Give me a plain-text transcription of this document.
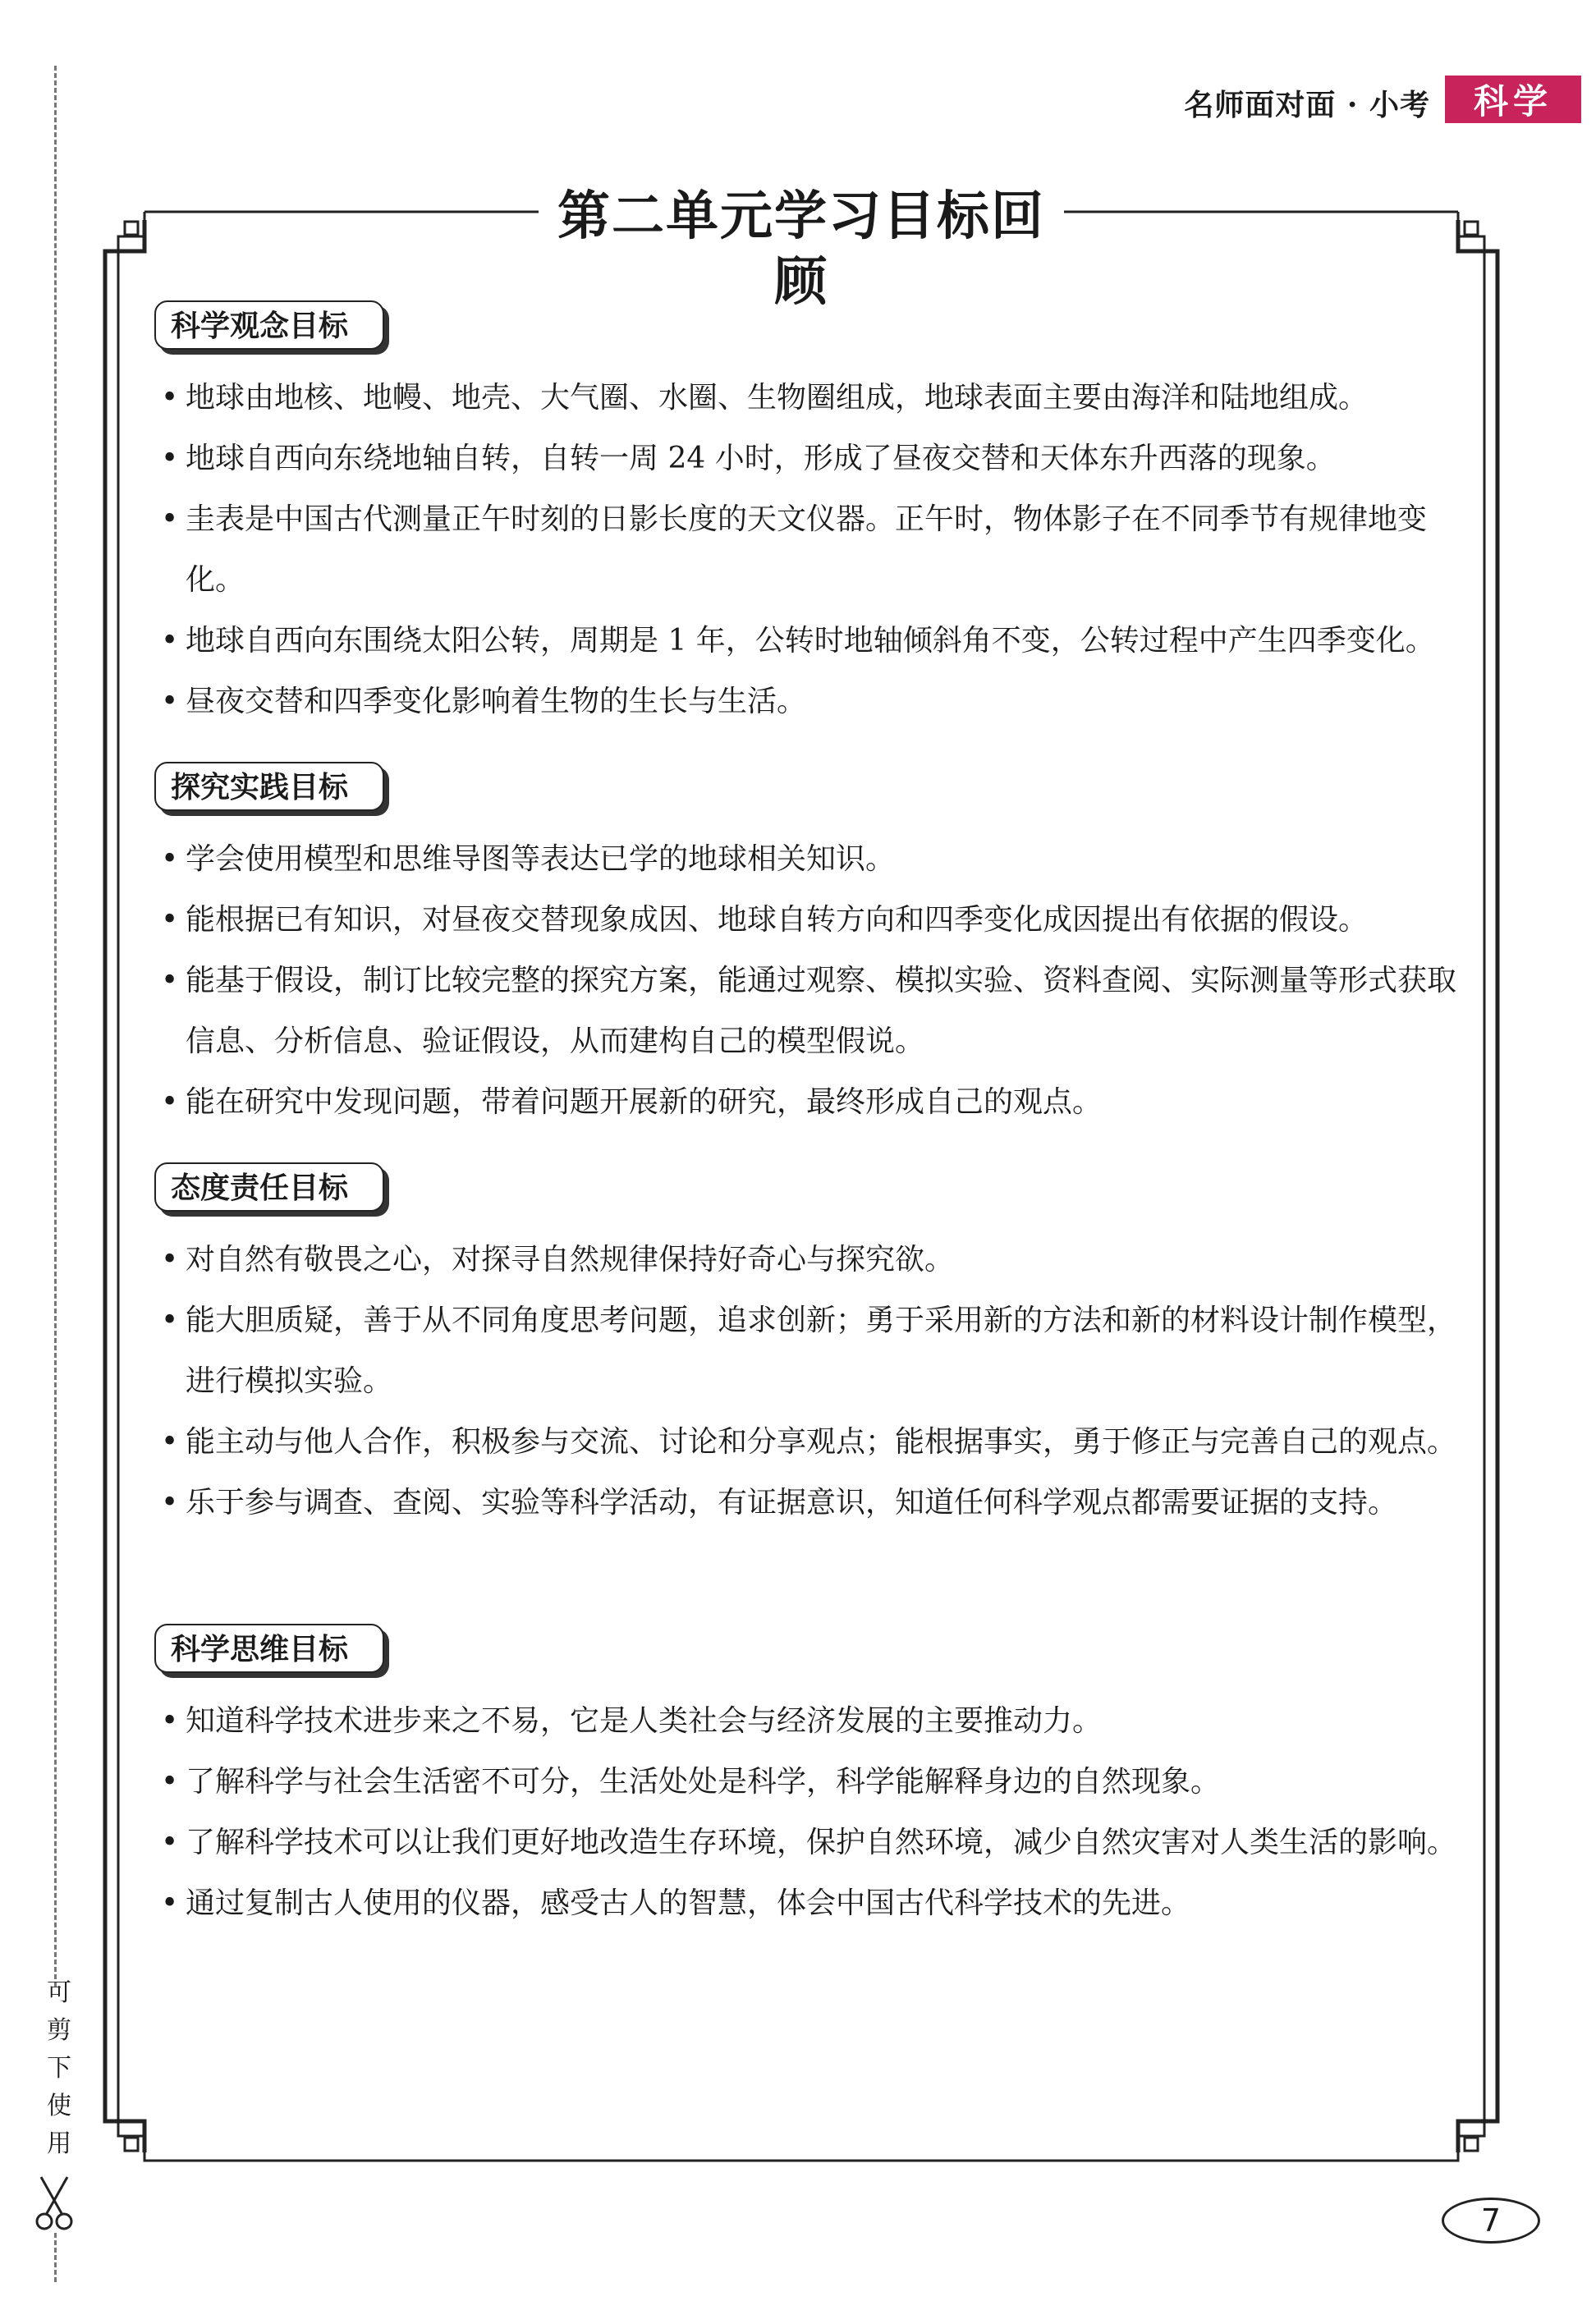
名师面对面 · 小考	科学
可
剪
下
使
用
第二单元学习目标回顾
科学观念目标
• 地球由地核、地幔、地壳、大气圈、水圈、生物圈组成，地球表面主要由海洋和陆地组成。
• 地球自西向东绕地轴自转，自转一周 24 小时，形成了昼夜交替和天体东升西落的现象。
• 圭表是中国古代测量正午时刻的日影长度的天文仪器。正午时，物体影子在不同季节有规律地变化。
• 地球自西向东围绕太阳公转，周期是 1 年，公转时地轴倾斜角不变，公转过程中产生四季变化。
• 昼夜交替和四季变化影响着生物的生长与生活。
探究实践目标
• 学会使用模型和思维导图等表达已学的地球相关知识。
• 能根据已有知识，对昼夜交替现象成因、地球自转方向和四季变化成因提出有依据的假设。
• 能基于假设，制订比较完整的探究方案，能通过观察、模拟实验、资料查阅、实际测量等形式获取信息、分析信息、验证假设，从而建构自己的模型假说。
• 能在研究中发现问题，带着问题开展新的研究，最终形成自己的观点。
态度责任目标
• 对自然有敬畏之心，对探寻自然规律保持好奇心与探究欲。
• 能大胆质疑，善于从不同角度思考问题，追求创新；勇于采用新的方法和新的材料设计制作模型，进行模拟实验。
• 能主动与他人合作，积极参与交流、讨论和分享观点；能根据事实，勇于修正与完善自己的观点。
• 乐于参与调查、查阅、实验等科学活动，有证据意识，知道任何科学观点都需要证据的支持。
科学思维目标
• 知道科学技术进步来之不易，它是人类社会与经济发展的主要推动力。
• 了解科学与社会生活密不可分，生活处处是科学，科学能解释身边的自然现象。
• 了解科学技术可以让我们更好地改造生存环境，保护自然环境，减少自然灾害对人类生活的影响。
• 通过复制古人使用的仪器，感受古人的智慧，体会中国古代科学技术的先进。
7
